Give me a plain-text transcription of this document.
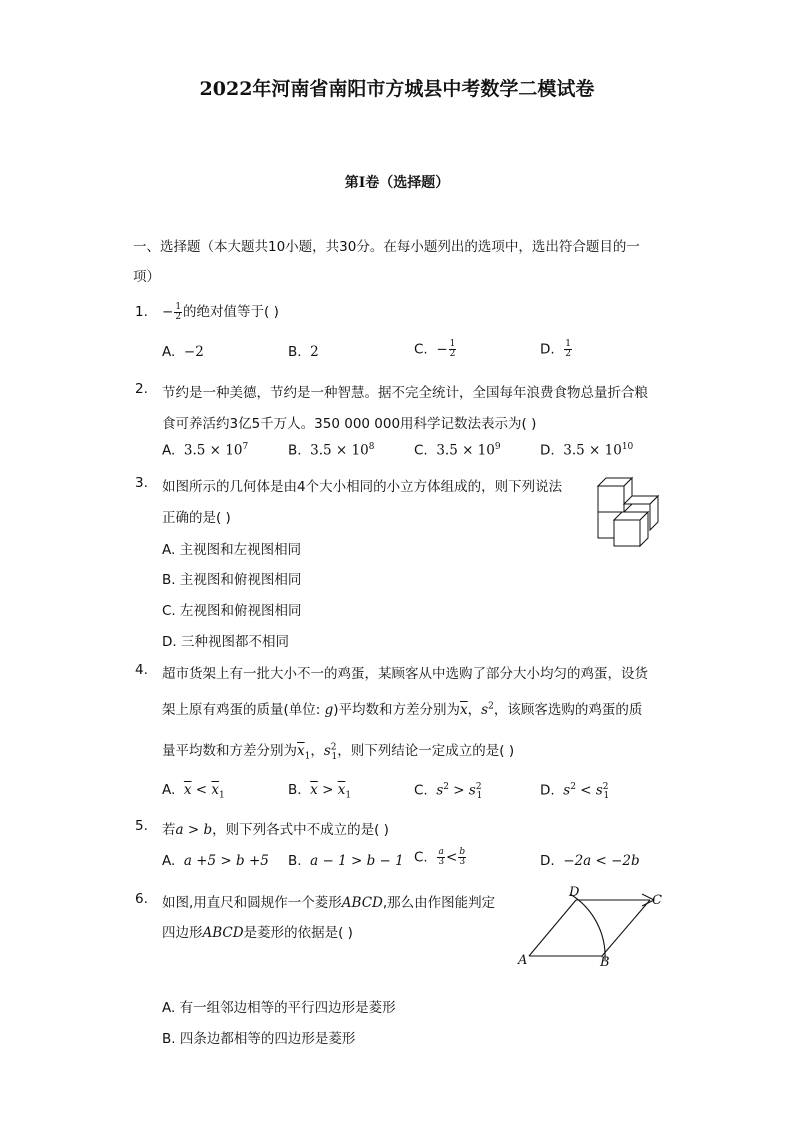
2022年河南省南阳市方城县中考数学二模试卷
第Ⅰ卷（选择题）
一、选择题（本大题共10小题，共30分。在每小题列出的选项中，选出符合题目的一
项）
1. − $\frac{1}{2}$ 的绝对值等于( )
A. −2	B. 2	C. − $\frac{1}{2}$	D. $\frac{1}{2}$
2. 节约是一种美德，节约是一种智慧。据不完全统计，全国每年浪费食物总量折合粮
食可养活约3亿5千万人。350 000 000用科学记数法表示为( )
A. $3.5 \times 10^7$	B. $3.5 \times 10^8$	C. $3.5 \times 10^9$	D. $3.5 \times 10^{10}$
3. 如图所示的几何体是由4个大小相同的小立方体组成的，则下列说法
正确的是( )
A. 主视图和左视图相同
B. 主视图和俯视图相同
C. 左视图和俯视图相同
D. 三种视图都不相同
4. 超市货架上有一批大小不一的鸡蛋，某顾客从中选购了部分大小均匀的鸡蛋，设货
架上原有鸡蛋的质量(单位: g)平均数和方差分别为$\overline{x}$，$s^2$，该顾客选购的鸡蛋的质
量平均数和方差分别为$\overline{x}_1$，$s^2_1$，则下列结论一定成立的是( )
A. $\overline{x} < \overline{x}_1$	B. $\overline{x} > \overline{x}_1$	C. $s^2 > s^2_1$	D. $s^2 < s^2_1$
5. 若a > b，则下列各式中不成立的是( )
A. a +5 > b +5 B. a − 1 > b − 1 C. $\frac{a}{3} < \frac{b}{3}$	D. −2a < −2b
6. 如图,用直尺和圆规作一个菱形ABCD,那么由作图能判定
四边形ABCD是菱形的依据是( )
A. 有一组邻边相等的平行四边形是菱形
B. 四条边都相等的四边形是菱形
A	B
C
D
